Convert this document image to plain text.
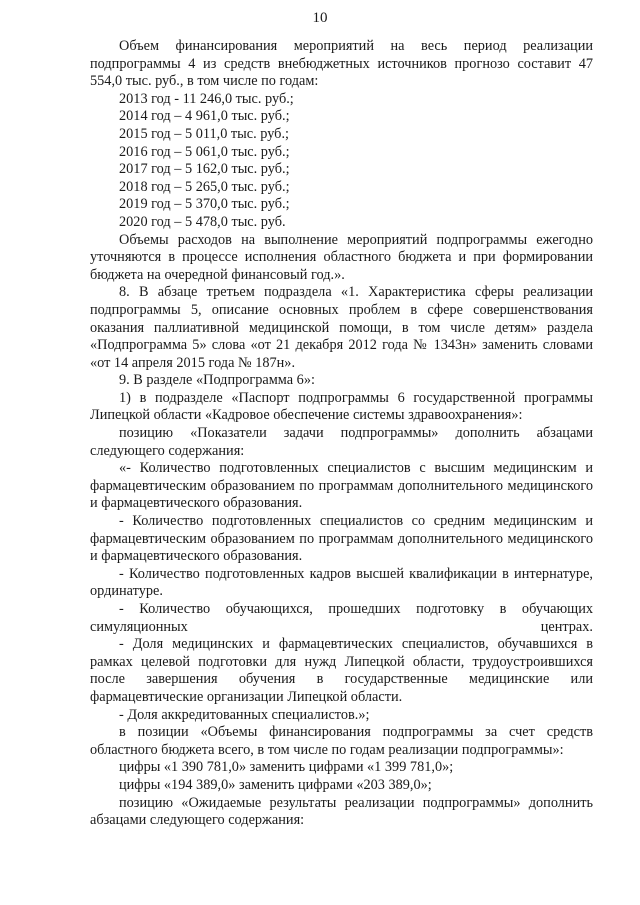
10

Объем финансирования мероприятий на весь период реализации подпрограммы 4 из средств внебюджетных источников прогнозо составит 47 554,0 тыс. руб., в том числе по годам:

2013 год - 11 246,0 тыс. руб.;

2014 год – 4 961,0 тыс. руб.;

2015 год – 5 011,0 тыс. руб.;

2016 год – 5 061,0 тыс. руб.;

2017 год – 5 162,0 тыс. руб.;

2018 год – 5 265,0 тыс. руб.;

2019 год – 5 370,0 тыс. руб.;

2020 год – 5 478,0 тыс. руб.

Объемы расходов на выполнение мероприятий подпрограммы ежегодно уточняются в процессе исполнения областного бюджета и при формировании бюджета на очередной финансовый год.».

8. В абзаце третьем подраздела «1. Характеристика сферы реализации подпрограммы 5, описание основных проблем в сфере совершенствования оказания паллиативной медицинской помощи, в том числе детям» раздела «Подпрограмма 5» слова «от 21 декабря 2012 года № 1343н» заменить словами «от 14 апреля 2015 года № 187н».

9. В разделе «Подпрограмма 6»:

1) в подразделе «Паспорт подпрограммы 6 государственной программы Липецкой области «Кадровое обеспечение системы здравоохранения»:

позицию «Показатели задачи подпрограммы» дополнить абзацами следующего содержания:

«- Количество подготовленных специалистов с высшим медицинским и фармацевтическим образованием по программам дополнительного медицинского и фармацевтического образования.

- Количество подготовленных специалистов со средним медицинским и фармацевтическим образованием по программам дополнительного медицинского и фармацевтического образования.

- Количество подготовленных кадров высшей квалификации в интернатуре, ординатуре.

- Количество обучающихся, прошедших подготовку в обучающих симуляционных центрах.

- Доля медицинских и фармацевтических специалистов, обучавшихся в рамках целевой подготовки для нужд Липецкой области, трудоустроившихся после завершения обучения в государственные медицинские или фармацевтические организации Липецкой области.

- Доля аккредитованных специалистов.»;

в позиции «Объемы финансирования подпрограммы за счет средств областного бюджета всего, в том числе по годам реализации подпрограммы»:

цифры «1 390 781,0» заменить цифрами «1 399 781,0»;

цифры «194 389,0» заменить цифрами «203 389,0»;

позицию «Ожидаемые результаты реализации подпрограммы» дополнить абзацами следующего содержания:
